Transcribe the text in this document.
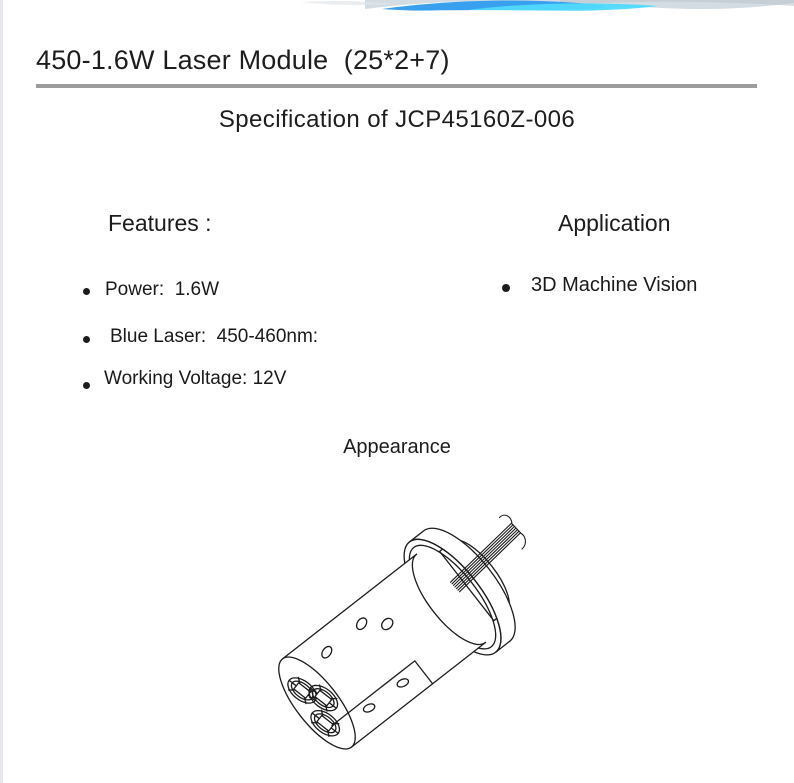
450-1.6W Laser Module  (25*2+7)
Specification of JCP45160Z-006
Features :	Application
Power:  1.6W
Blue Laser:  450-460nm:
Working Voltage: 12V
3D Machine Vision
Appearance
